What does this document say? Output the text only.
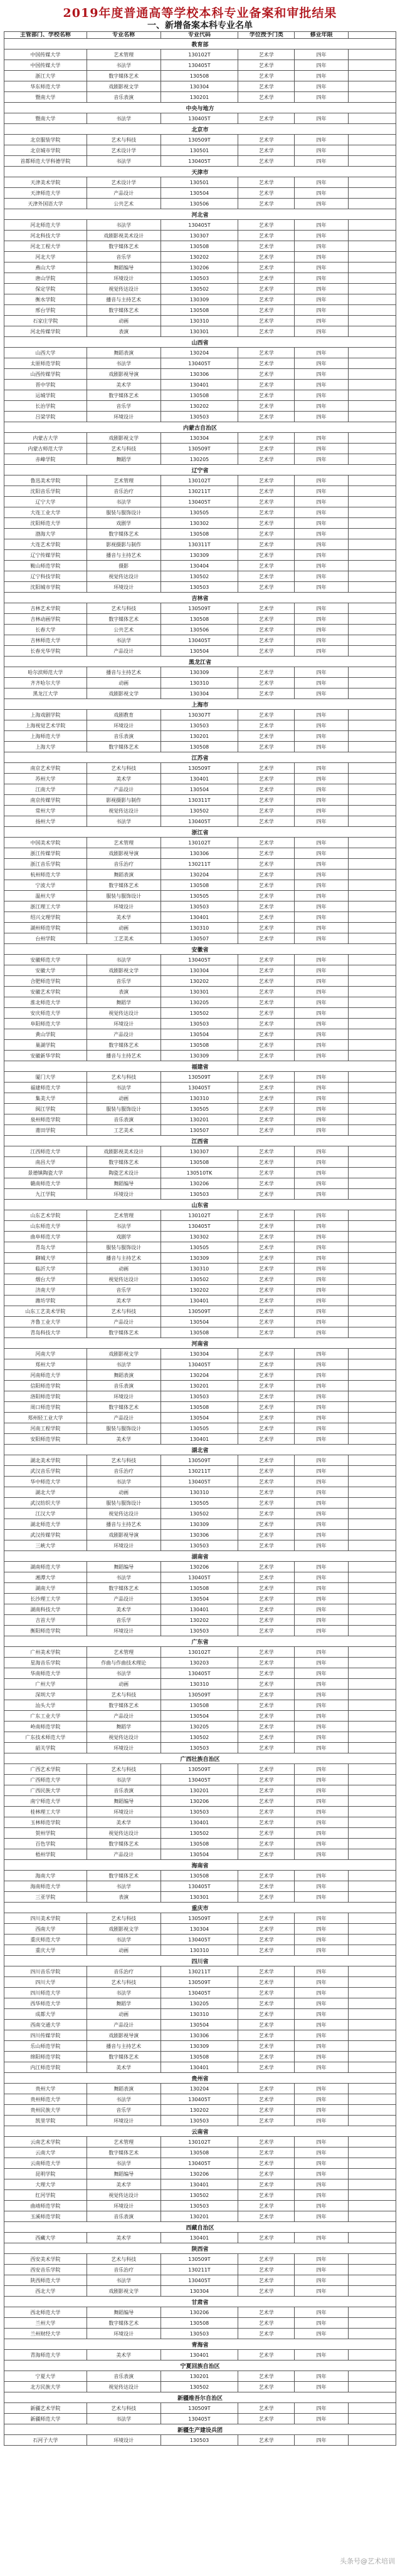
2019年度普通高等学校本科专业备案和审批结果
一、新增备案本科专业名单
主管部门、学校名称	专业名称	专业代码	学位授予门类	修业年限
教育部
中国传媒大学	艺术管理	130102T	艺术学	四年
中国传媒大学	书法学	130405T	艺术学	四年
浙江大学	数字媒体艺术	130508	艺术学	四年
华东师范大学	戏剧影视文学	130304	艺术学	四年
暨南大学	音乐表演	130201	艺术学	四年
中央与地方
暨南大学	书法学	130405T	艺术学	四年
北京市
北京服装学院	艺术与科技	130509T	艺术学	四年
北京城市学院	艺术设计学	130501	艺术学	四年
首都师范大学科德学院	书法学	130405T	艺术学	四年
天津市
天津美术学院	艺术设计学	130501	艺术学	四年
天津师范大学	产品设计	130504	艺术学	四年
天津外国语大学	公共艺术	130506	艺术学	四年
河北省
河北师范大学	书法学	130405T	艺术学	四年
河北科技大学	戏剧影视美术设计	130307	艺术学	四年
河北工程大学	数字媒体艺术	130508	艺术学	四年
河北大学	音乐学	130202	艺术学	四年
燕山大学	舞蹈编导	130206	艺术学	四年
唐山学院	环境设计	130503	艺术学	四年
保定学院	视觉传达设计	130502	艺术学	四年
衡水学院	播音与主持艺术	130309	艺术学	四年
邢台学院	数字媒体艺术	130508	艺术学	四年
石家庄学院	动画	130310	艺术学	四年
河北传媒学院	表演	130301	艺术学	四年
山西省
山西大学	舞蹈表演	130204	艺术学	四年
太原师范学院	书法学	130405T	艺术学	四年
山西传媒学院	戏剧影视导演	130306	艺术学	四年
晋中学院	美术学	130401	艺术学	四年
运城学院	数字媒体艺术	130508	艺术学	四年
长治学院	音乐学	130202	艺术学	四年
吕梁学院	环境设计	130503	艺术学	四年
内蒙古自治区
内蒙古大学	戏剧影视文学	130304	艺术学	四年
内蒙古师范大学	艺术与科技	130509T	艺术学	四年
赤峰学院	舞蹈学	130205	艺术学	四年
辽宁省
鲁迅美术学院	艺术管理	130102T	艺术学	四年
沈阳音乐学院	音乐治疗	130211T	艺术学	四年
辽宁大学	书法学	130405T	艺术学	四年
大连工业大学	服装与服饰设计	130505	艺术学	四年
沈阳师范大学	戏剧学	130302	艺术学	四年
渤海大学	数字媒体艺术	130508	艺术学	四年
大连艺术学院	影视摄影与制作	130311T	艺术学	四年
辽宁传媒学院	播音与主持艺术	130309	艺术学	四年
鞍山师范学院	摄影	130404	艺术学	四年
辽宁科技学院	视觉传达设计	130502	艺术学	四年
沈阳城市学院	环境设计	130503	艺术学	四年
吉林省
吉林艺术学院	艺术与科技	130509T	艺术学	四年
吉林动画学院	数字媒体艺术	130508	艺术学	四年
长春大学	公共艺术	130506	艺术学	四年
吉林师范大学	书法学	130405T	艺术学	四年
长春光华学院	产品设计	130504	艺术学	四年
黑龙江省
哈尔滨师范大学	播音与主持艺术	130309	艺术学	四年
齐齐哈尔大学	动画	130310	艺术学	四年
黑龙江大学	戏剧影视文学	130304	艺术学	四年
上海市
上海戏剧学院	戏剧教育	130307T	艺术学	四年
上海视觉艺术学院	环境设计	130503	艺术学	四年
上海师范大学	音乐表演	130201	艺术学	四年
上海大学	数字媒体艺术	130508	艺术学	四年
江苏省
南京艺术学院	艺术与科技	130509T	艺术学	四年
苏州大学	美术学	130401	艺术学	四年
江南大学	产品设计	130504	艺术学	四年
南京传媒学院	影视摄影与制作	130311T	艺术学	四年
常州大学	视觉传达设计	130502	艺术学	四年
扬州大学	书法学	130405T	艺术学	四年
浙江省
中国美术学院	艺术管理	130102T	艺术学	四年
浙江传媒学院	戏剧影视导演	130306	艺术学	四年
浙江音乐学院	音乐治疗	130211T	艺术学	四年
杭州师范大学	舞蹈表演	130204	艺术学	四年
宁波大学	数字媒体艺术	130508	艺术学	四年
温州大学	服装与服饰设计	130505	艺术学	四年
浙江理工大学	环境设计	130503	艺术学	四年
绍兴文理学院	美术学	130401	艺术学	四年
湖州师范学院	动画	130310	艺术学	四年
台州学院	工艺美术	130507	艺术学	四年
安徽省
安徽师范大学	书法学	130405T	艺术学	四年
安徽大学	戏剧影视文学	130304	艺术学	四年
合肥师范学院	音乐学	130202	艺术学	四年
安徽艺术学院	表演	130301	艺术学	四年
淮北师范大学	舞蹈学	130205	艺术学	四年
安庆师范大学	视觉传达设计	130502	艺术学	四年
阜阳师范大学	环境设计	130503	艺术学	四年
黄山学院	产品设计	130504	艺术学	四年
巢湖学院	数字媒体艺术	130508	艺术学	四年
安徽新华学院	播音与主持艺术	130309	艺术学	四年
福建省
厦门大学	艺术与科技	130509T	艺术学	四年
福建师范大学	书法学	130405T	艺术学	四年
集美大学	动画	130310	艺术学	四年
闽江学院	服装与服饰设计	130505	艺术学	四年
泉州师范学院	音乐表演	130201	艺术学	四年
莆田学院	工艺美术	130507	艺术学	四年
江西省
江西师范大学	戏剧影视美术设计	130307	艺术学	四年
南昌大学	数字媒体艺术	130508	艺术学	四年
景德镇陶瓷大学	陶瓷艺术设计	130510TK	艺术学	四年
赣南师范大学	舞蹈编导	130206	艺术学	四年
九江学院	环境设计	130503	艺术学	四年
山东省
山东艺术学院	艺术管理	130102T	艺术学	四年
山东师范大学	书法学	130405T	艺术学	四年
曲阜师范大学	戏剧学	130302	艺术学	四年
青岛大学	服装与服饰设计	130505	艺术学	四年
聊城大学	播音与主持艺术	130309	艺术学	四年
临沂大学	动画	130310	艺术学	四年
烟台大学	视觉传达设计	130502	艺术学	四年
济南大学	音乐学	130202	艺术学	四年
潍坊学院	美术学	130401	艺术学	四年
山东工艺美术学院	艺术与科技	130509T	艺术学	四年
齐鲁工业大学	产品设计	130504	艺术学	四年
青岛科技大学	数字媒体艺术	130508	艺术学	四年
河南省
河南大学	戏剧影视文学	130304	艺术学	四年
郑州大学	书法学	130405T	艺术学	四年
河南师范大学	舞蹈表演	130204	艺术学	四年
信阳师范学院	音乐表演	130201	艺术学	四年
洛阳师范学院	环境设计	130503	艺术学	四年
周口师范学院	数字媒体艺术	130508	艺术学	四年
郑州轻工业大学	产品设计	130504	艺术学	四年
河南工程学院	服装与服饰设计	130505	艺术学	四年
安阳师范学院	美术学	130401	艺术学	四年
湖北省
湖北美术学院	艺术与科技	130509T	艺术学	四年
武汉音乐学院	音乐治疗	130211T	艺术学	四年
华中师范大学	书法学	130405T	艺术学	四年
湖北大学	动画	130310	艺术学	四年
武汉纺织大学	服装与服饰设计	130505	艺术学	四年
江汉大学	视觉传达设计	130502	艺术学	四年
湖北师范大学	播音与主持艺术	130309	艺术学	四年
武汉传媒学院	戏剧影视导演	130306	艺术学	四年
三峡大学	环境设计	130503	艺术学	四年
湖南省
湖南师范大学	舞蹈编导	130206	艺术学	四年
湘潭大学	书法学	130405T	艺术学	四年
湖南大学	数字媒体艺术	130508	艺术学	四年
长沙理工大学	产品设计	130504	艺术学	四年
湖南科技大学	美术学	130401	艺术学	四年
吉首大学	音乐学	130202	艺术学	四年
衡阳师范学院	环境设计	130503	艺术学	四年
广东省
广州美术学院	艺术管理	130102T	艺术学	四年
星海音乐学院	作曲与作曲技术理论	130203	艺术学	四年
华南师范大学	书法学	130405T	艺术学	四年
广州大学	动画	130310	艺术学	四年
深圳大学	艺术与科技	130509T	艺术学	四年
汕头大学	数字媒体艺术	130508	艺术学	四年
广东工业大学	产品设计	130504	艺术学	四年
岭南师范学院	舞蹈学	130205	艺术学	四年
广东技术师范大学	视觉传达设计	130502	艺术学	四年
韶关学院	环境设计	130503	艺术学	四年
广西壮族自治区
广西艺术学院	艺术与科技	130509T	艺术学	四年
广西师范大学	书法学	130405T	艺术学	四年
广西民族大学	音乐表演	130201	艺术学	四年
南宁师范大学	舞蹈编导	130206	艺术学	四年
桂林理工大学	环境设计	130503	艺术学	四年
玉林师范学院	美术学	130401	艺术学	四年
贺州学院	视觉传达设计	130502	艺术学	四年
百色学院	数字媒体艺术	130508	艺术学	四年
梧州学院	产品设计	130504	艺术学	四年
海南省
海南大学	数字媒体艺术	130508	艺术学	四年
海南师范大学	书法学	130405T	艺术学	四年
三亚学院	表演	130301	艺术学	四年
重庆市
四川美术学院	艺术与科技	130509T	艺术学	四年
西南大学	戏剧影视文学	130304	艺术学	四年
重庆师范大学	书法学	130405T	艺术学	四年
重庆大学	动画	130310	艺术学	四年
四川省
四川音乐学院	音乐治疗	130211T	艺术学	四年
四川大学	艺术与科技	130509T	艺术学	四年
四川师范大学	书法学	130405T	艺术学	四年
西华师范大学	舞蹈学	130205	艺术学	四年
成都大学	动画	130310	艺术学	四年
西南交通大学	产品设计	130504	艺术学	四年
四川传媒学院	戏剧影视导演	130306	艺术学	四年
乐山师范学院	播音与主持艺术	130309	艺术学	四年
绵阳师范学院	数字媒体艺术	130508	艺术学	四年
内江师范学院	美术学	130401	艺术学	四年
贵州省
贵州大学	舞蹈表演	130204	艺术学	四年
贵州师范大学	书法学	130405T	艺术学	四年
贵州民族大学	音乐学	130202	艺术学	四年
凯里学院	环境设计	130503	艺术学	四年
云南省
云南艺术学院	艺术管理	130102T	艺术学	四年
云南大学	数字媒体艺术	130508	艺术学	四年
云南师范大学	书法学	130405T	艺术学	四年
昆明学院	舞蹈编导	130206	艺术学	四年
大理大学	美术学	130401	艺术学	四年
红河学院	视觉传达设计	130502	艺术学	四年
曲靖师范学院	环境设计	130503	艺术学	四年
玉溪师范学院	音乐表演	130201	艺术学	四年
西藏自治区
西藏大学	美术学	130401	艺术学	四年
陕西省
西安美术学院	艺术与科技	130509T	艺术学	四年
西安音乐学院	音乐治疗	130211T	艺术学	四年
陕西师范大学	书法学	130405T	艺术学	四年
西北大学	戏剧影视文学	130304	艺术学	四年
甘肃省
西北师范大学	舞蹈编导	130206	艺术学	四年
兰州大学	数字媒体艺术	130508	艺术学	四年
兰州财经大学	环境设计	130503	艺术学	四年
青海省
青海师范大学	美术学	130401	艺术学	四年
宁夏回族自治区
宁夏大学	音乐表演	130201	艺术学	四年
北方民族大学	视觉传达设计	130502	艺术学	四年
新疆维吾尔自治区
新疆艺术学院	艺术与科技	130509T	艺术学	四年
新疆师范大学	书法学	130405T	艺术学	四年
新疆生产建设兵团
石河子大学	环境设计	130503	艺术学	四年
头条号@艺术培训
